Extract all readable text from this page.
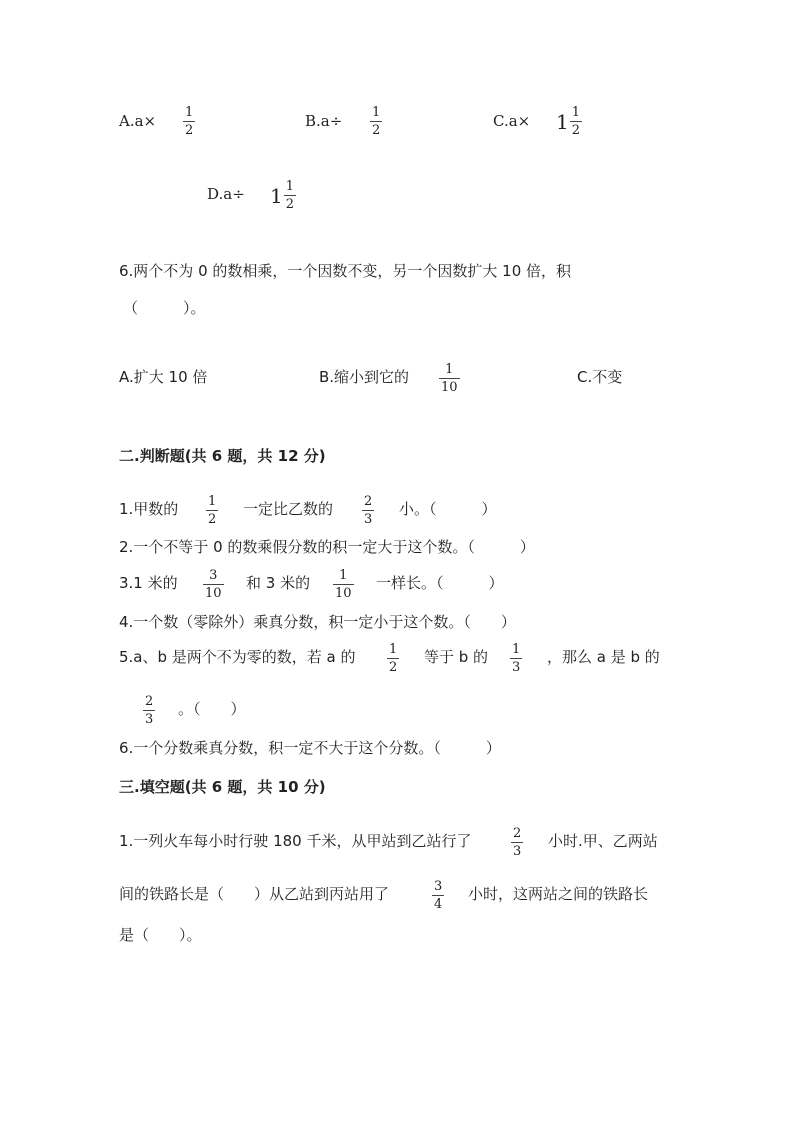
A.a× 1
2
B.a÷ 1
2
$C.a\times 1 \frac{1}{2}$
$D.a\div 1 \frac{1}{2}$
6.两个不为 0 的数相乘，一个因数不变，另一个因数扩大 10 倍，积
（　　　）。
A.扩大 10 倍	B.缩小到它的	1
10
C.不变
二.判断题(共 6 题，共 12 分)
1.甲数的 1
2
一定比乙数的 2
3
小。（　　　）
2.一个不等于 0 的数乘假分数的积一定大于这个数。（　　　）
3.1 米的 3
10
和 3 米的 1
10
一样长。（　　　）
4.一个数（零除外）乘真分数，积一定小于这个数。（　　）
5.a、b 是两个不为零的数，若 a 的	1
2
等于 b 的 1
3
，那么 a 是 b 的
2
3
。（　　）
6.一个分数乘真分数，积一定不大于这个分数。（　　　）
三.填空题(共 6 题，共 10 分)
1.一列火车每小时行驶 180 千米，从甲站到乙站行了	2
3
小时.甲、乙两站
间的铁路长是（　　）从乙站到丙站用了	3
4
小时，这两站之间的铁路长
是（　　）。
